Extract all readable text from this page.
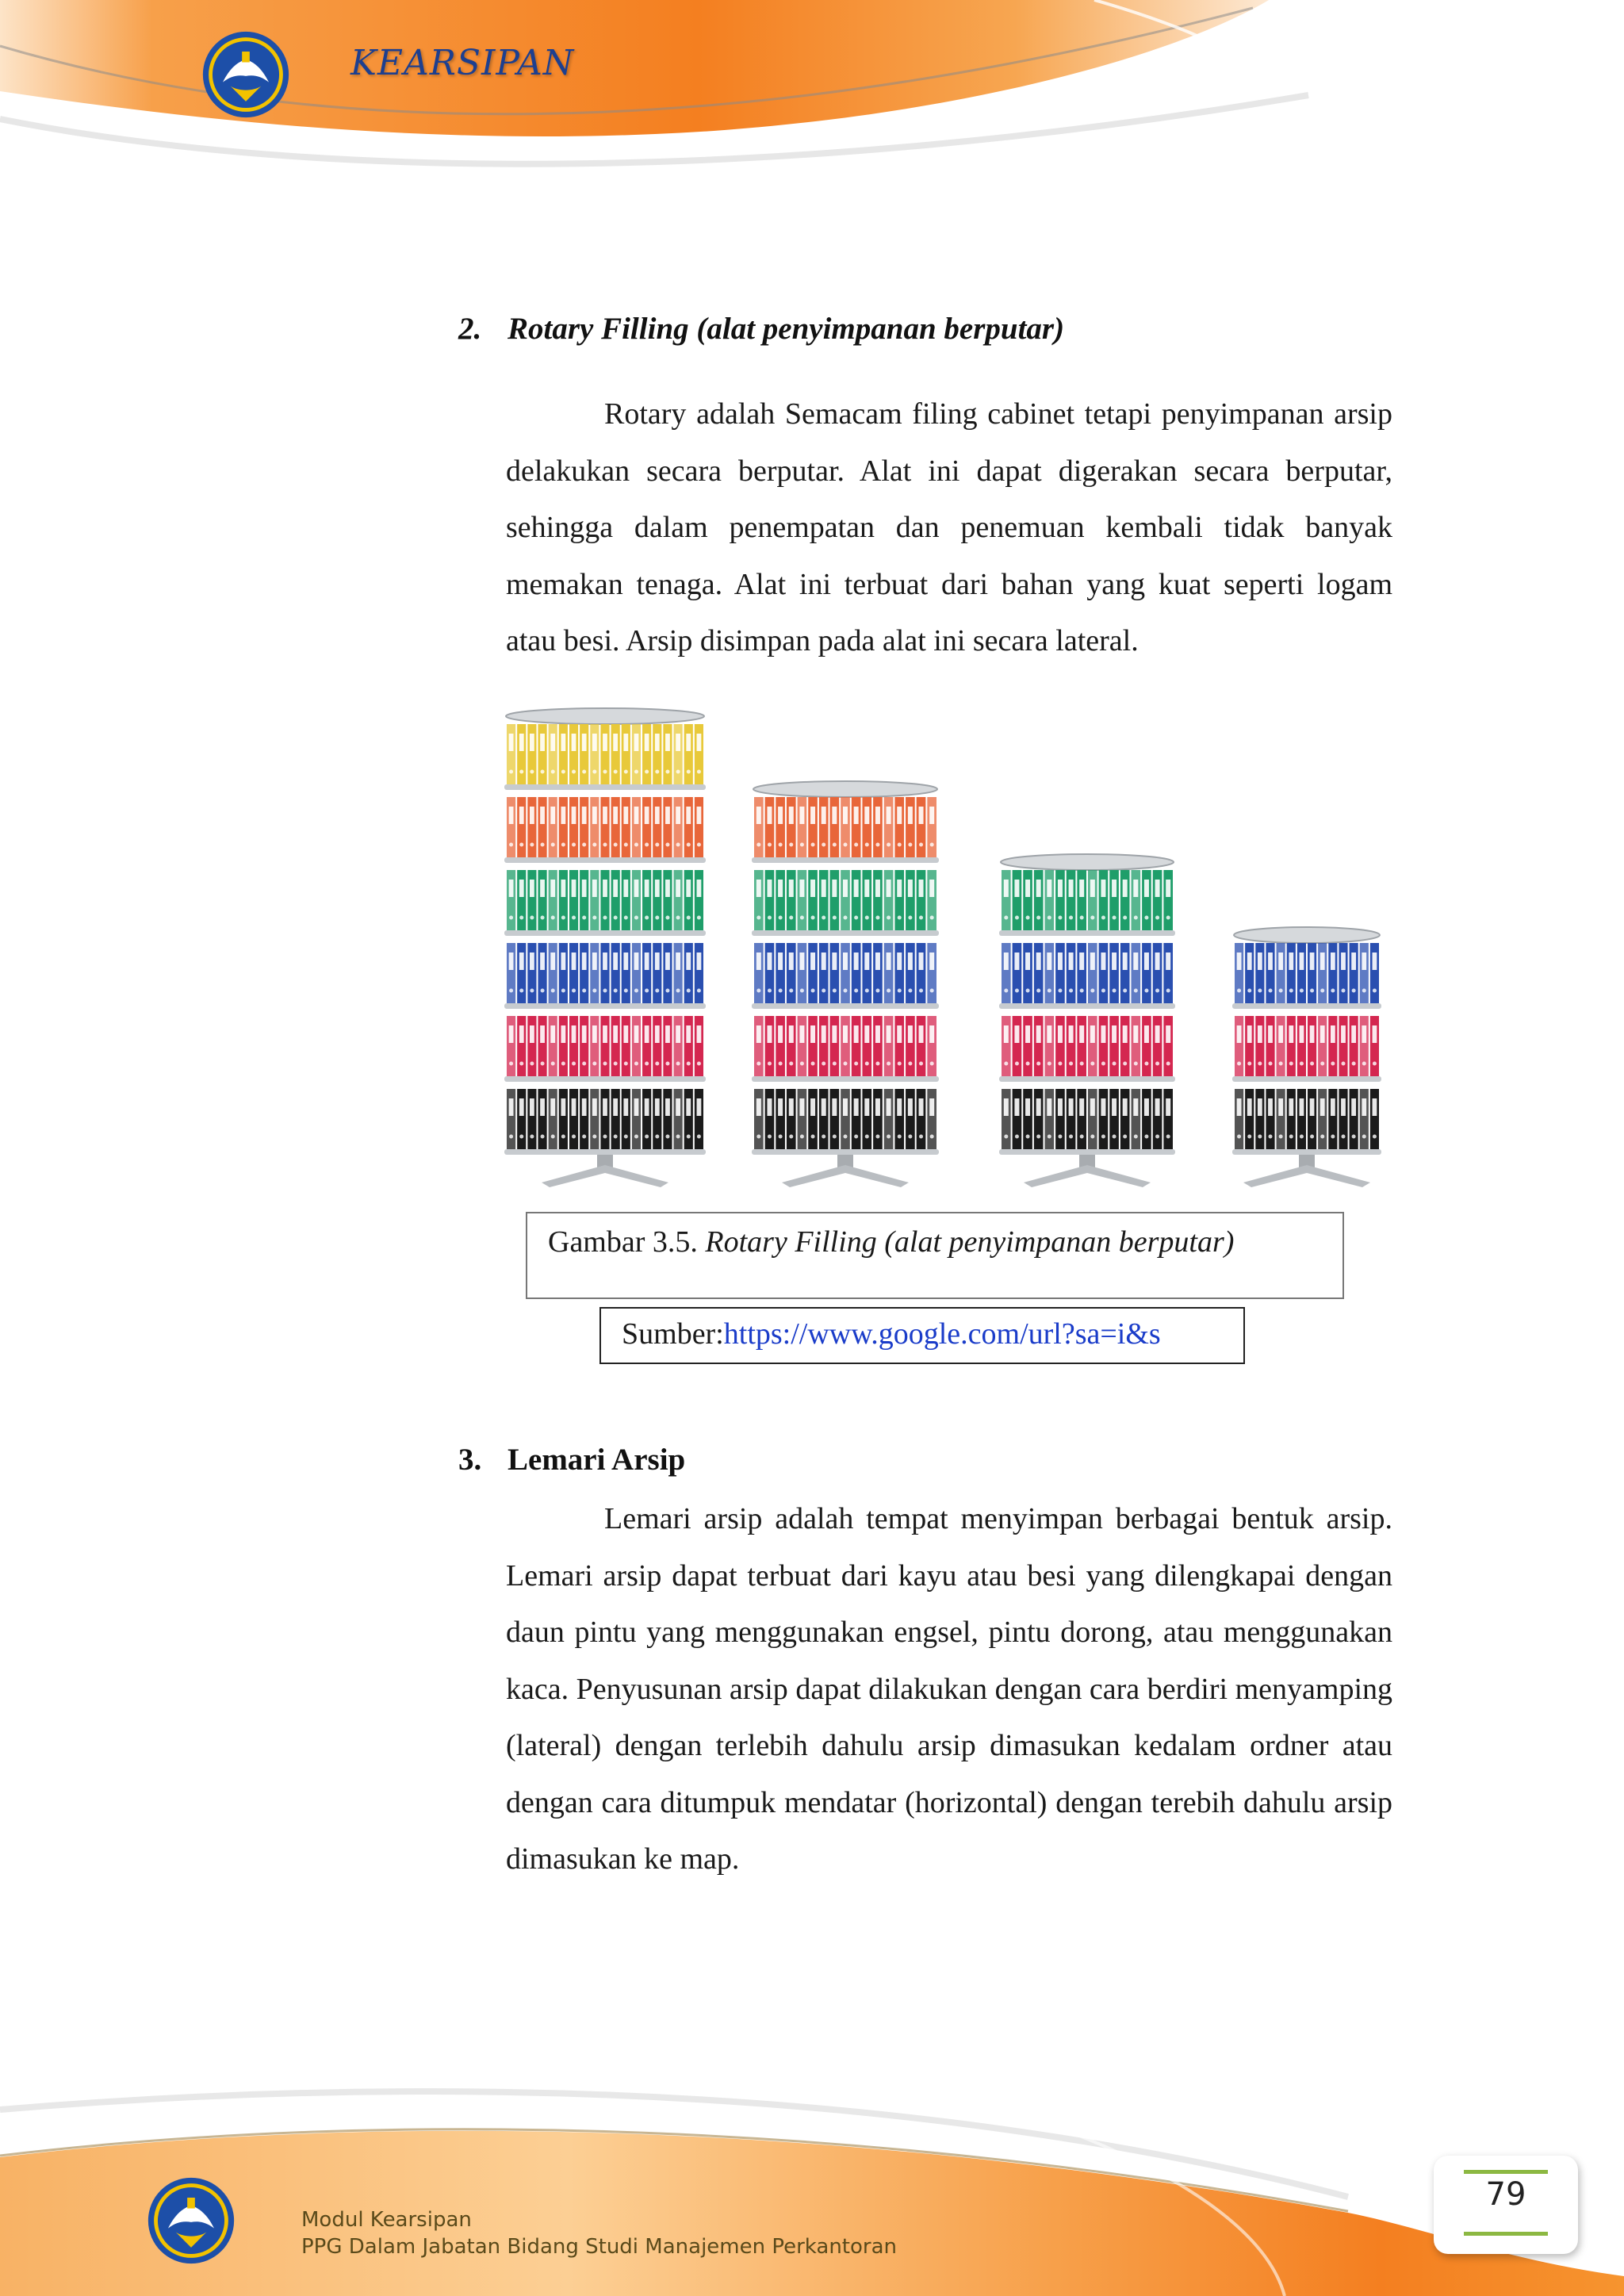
KEARSIPAN
2. Rotary Filling (alat penyimpanan berputar)
Rotary adalah Semacam filing cabinet tetapi penyimpanan arsip delakukan secara berputar. Alat ini dapat digerakan secara berputar, sehingga dalam penempatan dan penemuan kembali tidak banyak memakan tenaga. Alat ini terbuat dari bahan yang kuat seperti logam atau besi. Arsip disimpan pada alat ini secara lateral.
Gambar 3.5. Rotary Filling (alat penyimpanan berputar)
Sumber:https://www.google.com/url?sa=i&s
3. Lemari Arsip
Lemari arsip adalah tempat menyimpan berbagai bentuk arsip. Lemari arsip dapat terbuat dari kayu atau besi yang dilengkapai dengan daun pintu yang menggunakan engsel, pintu dorong, atau menggunakan kaca. Penyusunan arsip dapat dilakukan dengan cara berdiri menyamping (lateral) dengan terlebih dahulu arsip dimasukan kedalam ordner atau dengan cara ditumpuk mendatar (horizontal) dengan terebih dahulu arsip dimasukan ke map.
Modul Kearsipan
PPG Dalam Jabatan Bidang Studi Manajemen Perkantoran
79
